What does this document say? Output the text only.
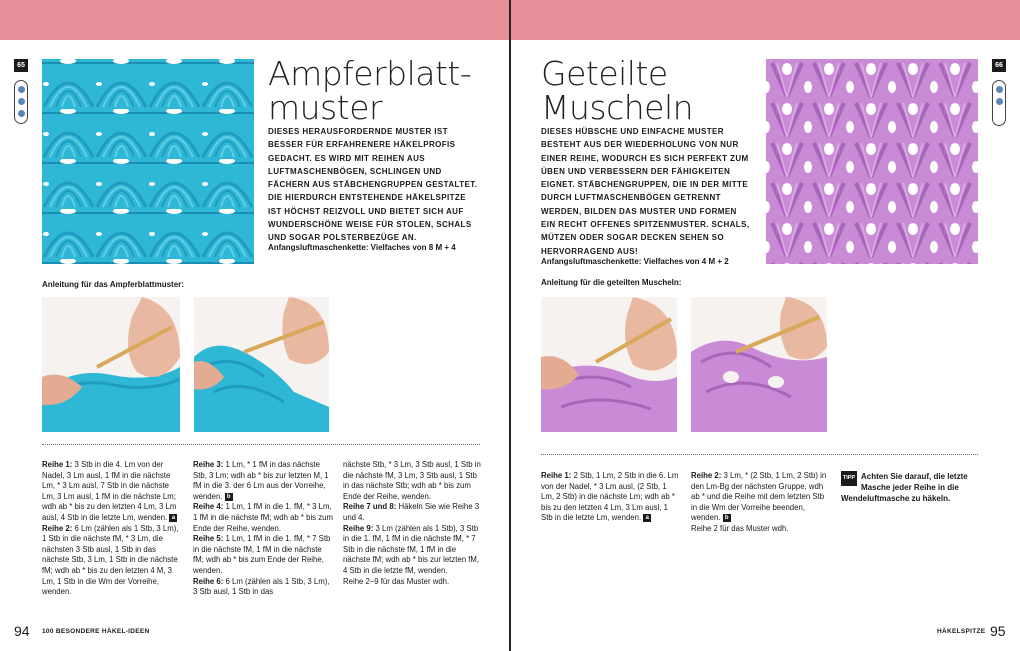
65	Ampferblatt-
muster
DIESES HERAUSFORDERNDE MUSTER IST BESSER FÜR ERFAHRENERE HÄKELPROFIS GEDACHT. ES WIRD MIT REIHEN AUS LUFTMASCHENBÖGEN, SCHLINGEN UND FÄCHERN AUS STÄBCHENGRUPPEN GESTALTET. DIE HIERDURCH ENTSTEHENDE HÄKELSPITZE IST HÖCHST REIZVOLL UND BIETET SICH AUF WUNDERSCHÖNE WEISE FÜR STOLEN, SCHALS UND SOGAR POLSTERBEZÜGE AN.
Anfangsluftmaschenkette: Vielfaches von 8 M + 4
Anleitung für das Ampferblattmuster:
Reihe 1: 3 Stb in die 4. Lm von der Nadel, 3 Lm ausl, 1 fM in die nächste Lm, * 3 Lm ausl, 7 Stb in die nächste Lm, 3 Lm ausl, 1 fM in die nächste Lm; wdh ab * bis zu den letzten 4 Lm, 3 Lm ausl, 4 Stb in die letzte Lm, wenden. a
Reihe 2: 6 Lm (zählen als 1 Stb, 3 Lm), 1 Stb in die nächste fM, * 3 Lm, die nächsten 3 Stb ausl, 1 Stb in das nächste Stb, 3 Lm, 1 Stb in die nächste fM; wdh ab * bis zu den letzten 4 M, 3 Lm, 1 Stb in die Wm der Vorreihe, wenden.
Reihe 3: 1 Lm, * 1 fM in das nächste Stb, 3 Lm; wdh ab * bis zur letzten M, 1 fM in die 3. der 6 Lm aus der Vorreihe, wenden. b
Reihe 4: 1 Lm, 1 fM in die 1. fM, * 3 Lm, 1 fM in die nächste fM; wdh ab * bis zum Ende der Reihe, wenden.
Reihe 5: 1 Lm, 1 fM in die 1. fM, * 7 Stb in die nächste fM, 1 fM in die nächste fM; wdh ab * bis zum Ende der Reihe, wenden.
Reihe 6: 6 Lm (zählen als 1 Stb, 3 Lm), 3 Stb ausl, 1 Stb in das
nächste Stb, * 3 Lm, 3 Stb ausl, 1 Stb in die nächste fM, 3 Lm, 3 Stb ausl, 1 Stb in das nächste Stb; wdh ab * bis zum Ende der Reihe, wenden.
Reihe 7 und 8: Häkeln Sie wie Reihe 3 und 4.
Reihe 9: 3 Lm (zählen als 1 Stb), 3 Stb in die 1. fM, 1 fM in die nächste fM, * 7 Stb in die nächste fM, 1 fM in die nächste fM; wdh ab * bis zur letzten fM, 4 Stb in die letzte fM, wenden.
Reihe 2–9 für das Muster wdh.
94 100 BESONDERE HÄKEL-IDEEN
66
Geteilte
Muscheln
DIESES HÜBSCHE UND EINFACHE MUSTER BESTEHT AUS DER WIEDERHOLUNG VON NUR EINER REIHE, WODURCH ES SICH PERFEKT ZUM ÜBEN UND VERBESSERN DER FÄHIGKEITEN EIGNET. STÄBCHENGRUPPEN, DIE IN DER MITTE DURCH LUFTMASCHENBÖGEN GETRENNT WERDEN, BILDEN DAS MUSTER UND FORMEN EIN RECHT OFFENES SPITZENMUSTER. SCHALS, MÜTZEN ODER SOGAR DECKEN SEHEN SO HERVORRAGEND AUS!
Anfangsluftmaschenkette: Vielfaches von 4 M + 2
Anleitung für die geteilten Muscheln:
Reihe 1: 2 Stb, 1 Lm, 2 Stb in die 6. Lm von der Nadel, * 3 Lm ausl, (2 Stb, 1 Lm, 2 Stb) in die nächste Lm; wdh ab * bis zu den letzten 4 Lm, 3 Lm ausl, 1 Stb in die letzte Lm, wenden. a
Reihe 2: 3 Lm, * (2 Stb, 1 Lm, 2 Stb) in den Lm-Bg der nächsten Gruppe, wdh ab * und die Reihe mit dem letzten Stb in die Wm der Vorreihe beenden, wenden. b
Reihe 2 für das Muster wdh.
TIPP Achten Sie darauf, die letzte Masche jeder Reihe in die Wendeluftmasche zu häkeln.
HÄKELSPITZE 95
